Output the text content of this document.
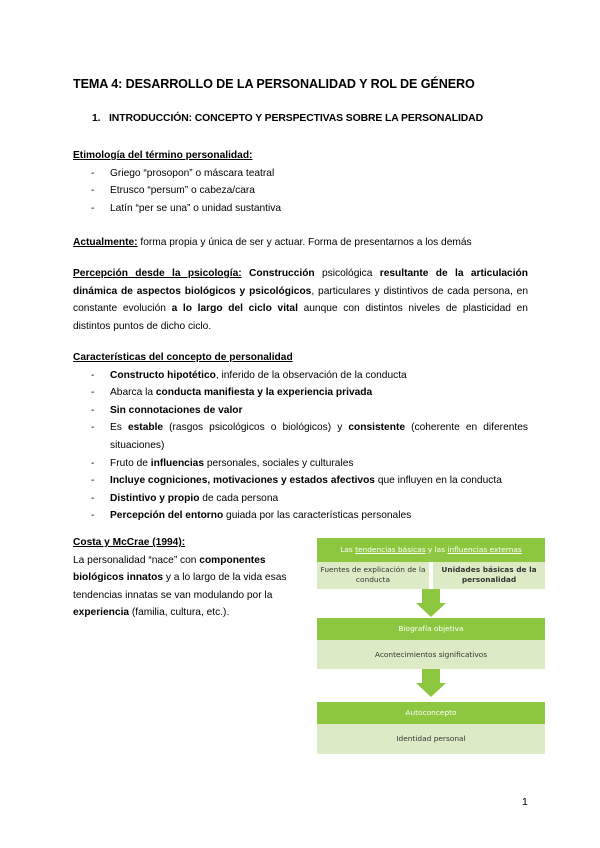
TEMA 4: DESARROLLO DE LA PERSONALIDAD Y ROL DE GÉNERO
1. INTRODUCCIÓN: CONCEPTO Y PERSPECTIVAS SOBRE LA PERSONALIDAD
Etimología del término personalidad:
- Griego “prosopon” o máscara teatral
- Etrusco “persum” o cabeza/cara
- Latín “per se una” o unidad sustantiva
Actualmente: forma propia y única de ser y actuar. Forma de presentarnos a los demás
Percepción desde la psicología: Construcción psicológica resultante de la articulación dinámica de aspectos biológicos y psicológicos, particulares y distintivos de cada persona, en constante evolución a lo largo del ciclo vital aunque con distintos niveles de plasticidad en distintos puntos de dicho ciclo.
Características del concepto de personalidad
- Constructo hipotético, inferido de la observación de la conducta
- Abarca la conducta manifiesta y la experiencia privada
- Sin connotaciones de valor
- Es estable (rasgos psicológicos o biológicos) y consistente (coherente en diferentes situaciones)
- Fruto de influencias personales, sociales y culturales
- Incluye cogniciones, motivaciones y estados afectivos que influyen en la conducta
- Distintivo y propio de cada persona
- Percepción del entorno guiada por las características personales
Costa y McCrae (1994):
La personalidad “nace” con componentes biológicos innatos y a lo largo de la vida esas tendencias innatas se van modulando por la experiencia (familia, cultura, etc.).
Las tendencias básicas y las influencias externas
Fuentes de explicación de la conducta
Unidades básicas de la personalidad
Biografía objetiva
Acontecimientos significativos
Autoconcepto
Identidad personal
1
